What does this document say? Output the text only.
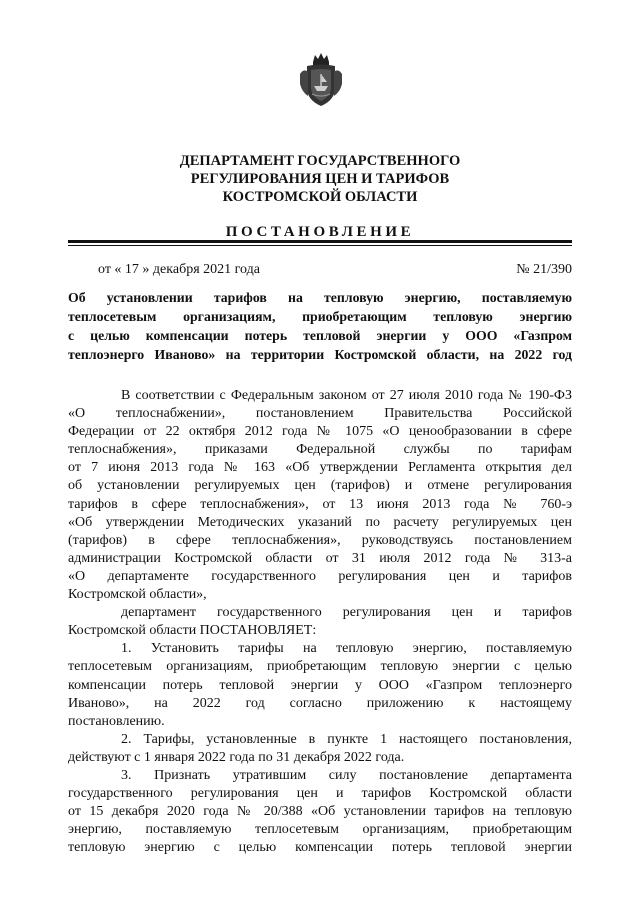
ДЕПАРТАМЕНТ ГОСУДАРСТВЕННОГО
РЕГУЛИРОВАНИЯ ЦЕН И ТАРИФОВ
КОСТРОМСКОЙ ОБЛАСТИ
ПОСТАНОВЛЕНИЕ
от « 17 » декабря 2021 года	№ 21/390
Об установлении тарифов на тепловую энергию, поставляемую
теплосетевым организациям, приобретающим тепловую энергию
с целью компенсации потерь тепловой энергии у ООО «Газпром
теплоэнерго Иваново» на территории Костромской области, на 2022 год
В соответствии с Федеральным законом от 27 июля 2010 года № 190-ФЗ
«О теплоснабжении», постановлением Правительства Российской
Федерации от 22 октября 2012 года № 1075 «О ценообразовании в сфере
теплоснабжения», приказами Федеральной службы по тарифам
от 7 июня 2013 года № 163 «Об утверждении Регламента открытия дел
об установлении регулируемых цен (тарифов) и отмене регулирования
тарифов в сфере теплоснабжения», от 13 июня 2013 года № 760-э
«Об утверждении Методических указаний по расчету регулируемых цен
(тарифов) в сфере теплоснабжения», руководствуясь постановлением
администрации Костромской области от 31 июля 2012 года № 313-а
«О департаменте государственного регулирования цен и тарифов
Костромской области»,
департамент государственного регулирования цен и тарифов
Костромской области ПОСТАНОВЛЯЕТ:
1. Установить тарифы на тепловую энергию, поставляемую
теплосетевым организациям, приобретающим тепловую энергии с целью
компенсации потерь тепловой энергии у ООО «Газпром теплоэнерго
Иваново», на 2022 год согласно приложению к настоящему
постановлению.
2. Тарифы, установленные в пункте 1 настоящего постановления,
действуют с 1 января 2022 года по 31 декабря 2022 года.
3. Признать утратившим силу постановление департамента
государственного регулирования цен и тарифов Костромской области
от 15 декабря 2020 года № 20/388 «Об установлении тарифов на тепловую
энергию, поставляемую теплосетевым организациям, приобретающим
тепловую энергию с целью компенсации потерь тепловой энергии
